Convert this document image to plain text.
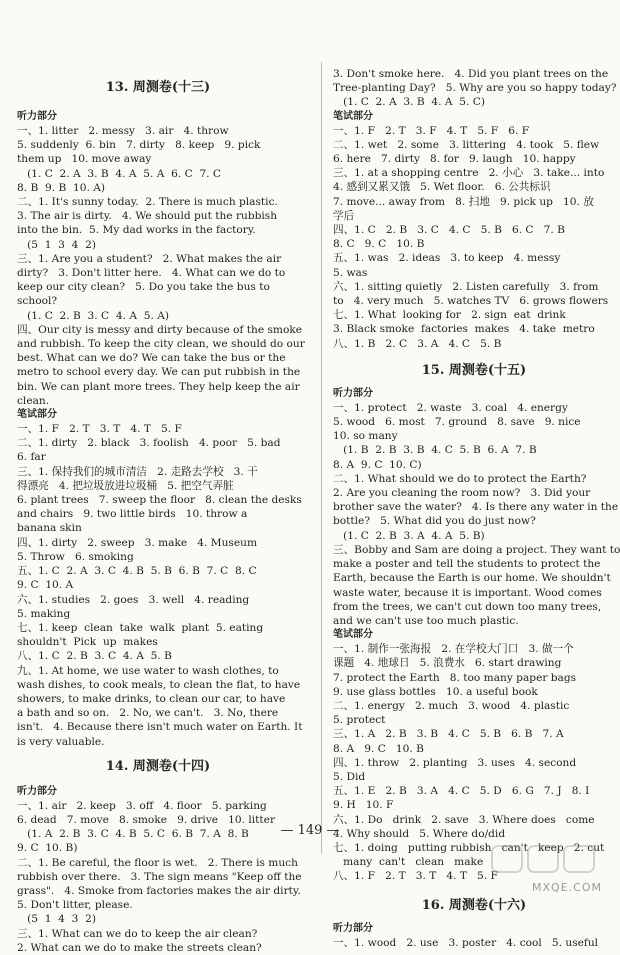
13. 周测卷(十三)
听力部分
一、1. litter   2. messy   3. air   4. throw
5. suddenly  6. bin   7. dirty   8. keep   9. pick
them up   10. move away
(1. C  2. A  3. B  4. A  5. A  6. C  7. C
8. B  9. B  10. A)
二、1. It's sunny today.  2. There is much plastic.
3. The air is dirty.   4. We should put the rubbish
into the bin.  5. My dad works in the factory.
(5  1  3  4  2)
三、1. Are you a student?   2. What makes the air
dirty?   3. Don't litter here.   4. What can we do to
keep our city clean?   5. Do you take the bus to
school?
(1. C  2. B  3. C  4. A  5. A)
四、Our city is messy and dirty because of the smoke
and rubbish. To keep the city clean, we should do our
best. What can we do? We can take the bus or the
metro to school every day. We can put rubbish in the
bin. We can plant more trees. They help keep the air
clean.
笔试部分
一、1. F   2. T   3. T   4. T   5. F
二、1. dirty   2. black   3. foolish   4. poor   5. bad
6. far
三、1. 保持我们的城市清洁   2. 走路去学校   3. 干
得漂亮   4. 把垃圾放进垃圾桶   5. 把空气弄脏
6. plant trees   7. sweep the floor   8. clean the desks
and chairs   9. two little birds   10. throw a
banana skin
四、1. dirty   2. sweep   3. make   4. Museum
5. Throw   6. smoking
五、1. C  2. A  3. C  4. B  5. B  6. B  7. C  8. C
9. C  10. A
六、1. studies   2. goes   3. well   4. reading
5. making
七、1. keep  clean  take  walk  plant  5. eating
shouldn't  Pick  up  makes
八、1. C  2. B  3. C  4. A  5. B
九、1. At home, we use water to wash clothes, to
wash dishes, to cook meals, to clean the flat, to have
showers, to make drinks, to clean our car, to have
a bath and so on.   2. No, we can't.   3. No, there
isn't.   4. Because there isn't much water on Earth. It
is very valuable.
14. 周测卷(十四)
听力部分
一、1. air   2. keep   3. off   4. floor   5. parking
6. dead   7. move   8. smoke   9. drive   10. litter
(1. A  2. B  3. C  4. B  5. C  6. B  7. A  8. B
9. C  10. B)
二、1. Be careful, the floor is wet.   2. There is much
rubbish over there.   3. The sign means "Keep off the
grass".   4. Smoke from factories makes the air dirty.
5. Don't litter, please.
(5  1  4  3  2)
三、1. What can we do to keep the air clean?
2. What can we do to make the streets clean?
3. Don't smoke here.   4. Did you plant trees on the
Tree-planting Day?   5. Why are you so happy today?
(1. C  2. A  3. B  4. A  5. C)
笔试部分
一、1. F   2. T   3. F   4. T   5. F   6. F
二、1. wet   2. some   3. littering   4. took   5. flew
6. here   7. dirty   8. for   9. laugh   10. happy
三、1. at a shopping centre   2. 小心   3. take... into
4. 感到又累又饿   5. Wet floor.   6. 公共标识
7. move... away from   8. 扫地   9. pick up   10. 放
学后
四、1. C   2. B   3. C   4. C   5. B   6. C   7. B
8. C   9. C   10. B
五、1. was   2. ideas   3. to keep   4. messy
5. was
六、1. sitting quietly   2. Listen carefully   3. from
to   4. very much   5. watches TV   6. grows flowers
七、1. What  looking for   2. sign  eat  drink
3. Black smoke  factories  makes   4. take  metro
八、1. B   2. C   3. A   4. C   5. B
15. 周测卷(十五)
听力部分
一、1. protect   2. waste   3. coal   4. energy
5. wood   6. most   7. ground   8. save   9. nice
10. so many
(1. B  2. B  3. B  4. C  5. B  6. A  7. B
8. A  9. C  10. C)
二、1. What should we do to protect the Earth?
2. Are you cleaning the room now?   3. Did your
brother save the water?   4. Is there any water in the
bottle?   5. What did you do just now?
(1. C  2. B  3. A  4. A  5. B)
三、Bobby and Sam are doing a project. They want to
make a poster and tell the students to protect the
Earth, because the Earth is our home. We shouldn't
waste water, because it is important. Wood comes
from the trees, we can't cut down too many trees,
and we can't use too much plastic.
笔试部分
一、1. 制作一张海报   2. 在学校大门口   3. 做一个
课题   4. 地球日   5. 浪费水   6. start drawing
7. protect the Earth   8. too many paper bags
9. use glass bottles   10. a useful book
二、1. energy   2. much   3. wood   4. plastic
5. protect
三、1. A   2. B   3. B   4. C   5. B   6. B   7. A
8. A   9. C   10. B
四、1. throw   2. planting   3. uses   4. second
5. Did
五、1. E   2. B   3. A   4. C   5. D   6. G   7. J   8. I
9. H   10. F
六、1. Do   drink   2. save   3. Where does   come
4. Why should   5. Where do/did
七、1. doing   putting rubbish   can't   keep   2. cut
many  can't   clean   make
八、1. F   2. T   3. T   4. T   5. F
16. 周测卷(十六)
听力部分
一、1. wood   2. use   3. poster   4. cool   5. useful
— 149 —
MXQE.COM
